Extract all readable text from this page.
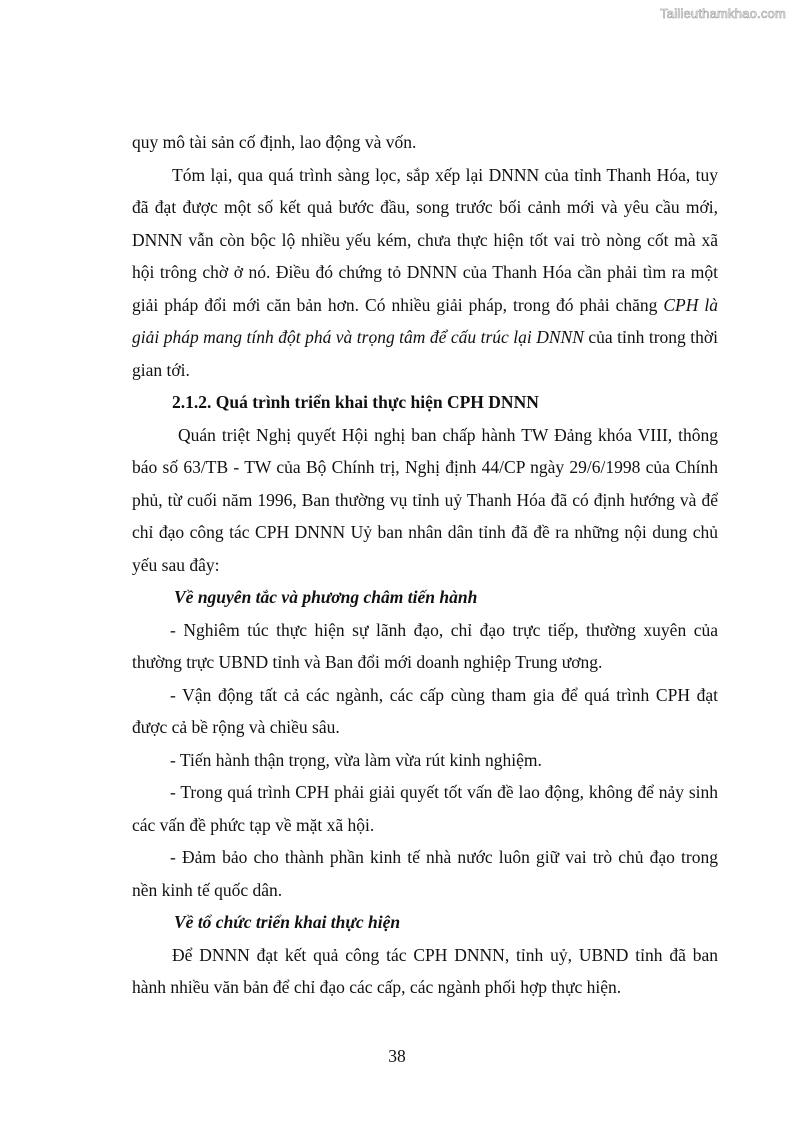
Tailieuthamkhao.com

quy mô tài sản cố định, lao động và vốn.

Tóm lại, qua quá trình sàng lọc, sắp xếp lại DNNN của tỉnh Thanh Hóa, tuy đã đạt được một số kết quả bước đầu, song trước bối cảnh mới và yêu cầu mới, DNNN vẫn còn bộc lộ nhiều yếu kém, chưa thực hiện tốt vai trò nòng cốt mà xã hội trông chờ ở nó. Điều đó chứng tỏ DNNN của Thanh Hóa cần phải tìm ra một giải pháp đổi mới căn bản hơn. Có nhiều giải pháp, trong đó phải chăng CPH là giải pháp mang tính đột phá và trọng tâm để cấu trúc lại DNNN của tỉnh trong thời gian tới.

2.1.2. Quá trình triển khai thực hiện CPH DNNN

Quán triệt Nghị quyết Hội nghị ban chấp hành TW Đảng khóa VIII, thông báo số 63/TB - TW của Bộ Chính trị, Nghị định 44/CP ngày 29/6/1998 của Chính phủ, từ cuối năm 1996, Ban thường vụ tỉnh uỷ Thanh Hóa đã có định hướng và để chỉ đạo công tác CPH DNNN Uỷ ban nhân dân tỉnh đã đề ra những nội dung chủ yếu sau đây:

Về nguyên tắc và phương châm tiến hành

- Nghiêm túc thực hiện sự lãnh đạo, chỉ đạo trực tiếp, thường xuyên của thường trực UBND tỉnh và Ban đổi mới doanh nghiệp Trung ương.

- Vận động tất cả các ngành, các cấp cùng tham gia để quá trình CPH đạt được cả bề rộng và chiều sâu.

- Tiến hành thận trọng, vừa làm vừa rút kinh nghiệm.

- Trong quá trình CPH phải giải quyết tốt vấn đề lao động, không để nảy sinh các vấn đề phức tạp về mặt xã hội.

- Đảm bảo cho thành phần kinh tế nhà nước luôn giữ vai trò chủ đạo trong nền kinh tế quốc dân.

Về tổ chức triển khai thực hiện

Để DNNN đạt kết quả công tác CPH DNNN, tỉnh uỷ, UBND tỉnh đã ban hành nhiều văn bản để chỉ đạo các cấp, các ngành phối hợp thực hiện.

38
